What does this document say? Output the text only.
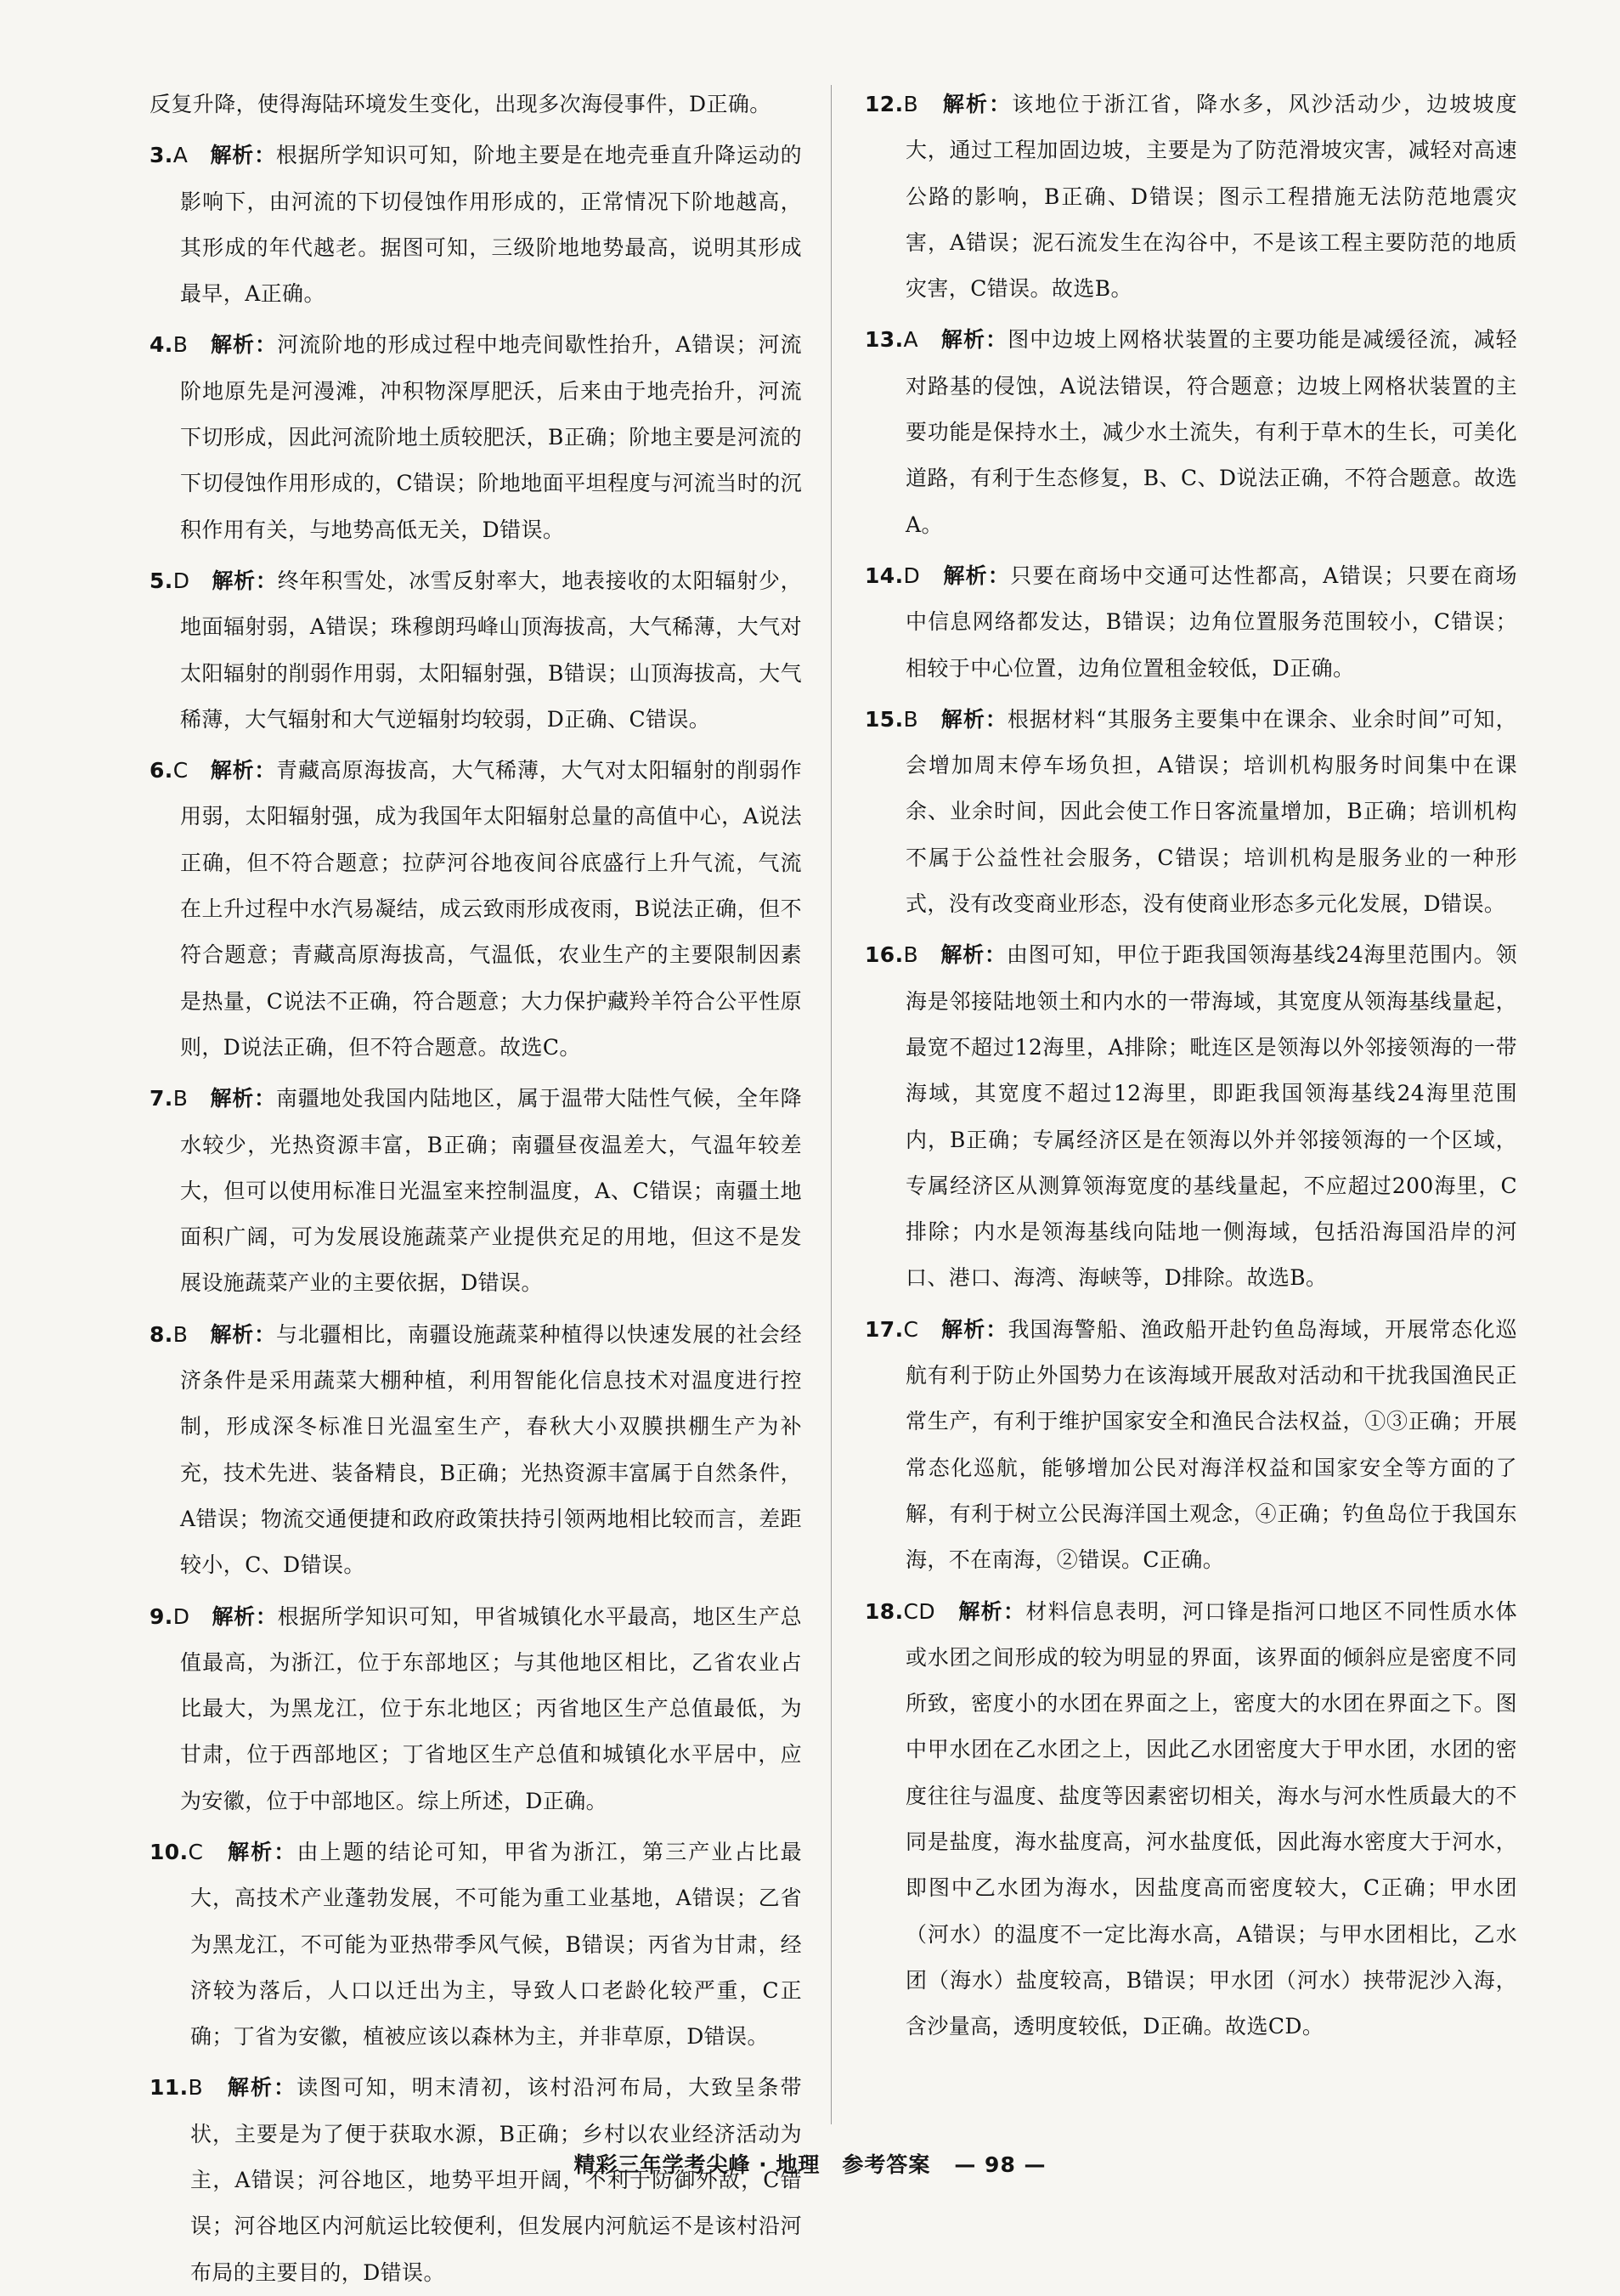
反复升降，使得海陆环境发生变化，出现多次海侵事件，D正确。

3.A　 解析：根据所学知识可知，阶地主要是在地壳垂直升降运动的影响下，由河流的下切侵蚀作用形成的，正常情况下阶地越高，其形成的年代越老。据图可知，三级阶地地势最高，说明其形成最早，A正确。

4.B　 解析：河流阶地的形成过程中地壳间歇性抬升，A错误；河流阶地原先是河漫滩，冲积物深厚肥沃，后来由于地壳抬升，河流下切形成，因此河流阶地土质较肥沃，B正确；阶地主要是河流的下切侵蚀作用形成的，C错误；阶地地面平坦程度与河流当时的沉积作用有关，与地势高低无关，D错误。

5.D　 解析：终年积雪处，冰雪反射率大，地表接收的太阳辐射少，地面辐射弱，A错误；珠穆朗玛峰山顶海拔高，大气稀薄，大气对太阳辐射的削弱作用弱，太阳辐射强，B错误；山顶海拔高，大气稀薄，大气辐射和大气逆辐射均较弱，D正确、C错误。

6.C　 解析：青藏高原海拔高，大气稀薄，大气对太阳辐射的削弱作用弱，太阳辐射强，成为我国年太阳辐射总量的高值中心，A说法正确，但不符合题意；拉萨河谷地夜间谷底盛行上升气流，气流在上升过程中水汽易凝结，成云致雨形成夜雨，B说法正确，但不符合题意；青藏高原海拔高，气温低，农业生产的主要限制因素是热量，C说法不正确，符合题意；大力保护藏羚羊符合公平性原则，D说法正确，但不符合题意。故选C。

7.B　 解析：南疆地处我国内陆地区，属于温带大陆性气候，全年降水较少，光热资源丰富，B正确；南疆昼夜温差大，气温年较差大，但可以使用标准日光温室来控制温度，A、C错误；南疆土地面积广阔，可为发展设施蔬菜产业提供充足的用地，但这不是发展设施蔬菜产业的主要依据，D错误。

8.B　 解析：与北疆相比，南疆设施蔬菜种植得以快速发展的社会经济条件是采用蔬菜大棚种植，利用智能化信息技术对温度进行控制，形成深冬标准日光温室生产，春秋大小双膜拱棚生产为补充，技术先进、装备精良，B正确；光热资源丰富属于自然条件，A错误；物流交通便捷和政府政策扶持引领两地相比较而言，差距较小，C、D错误。

9.D　 解析：根据所学知识可知，甲省城镇化水平最高，地区生产总值最高，为浙江，位于东部地区；与其他地区相比，乙省农业占比最大，为黑龙江，位于东北地区；丙省地区生产总值最低，为甘肃，位于西部地区；丁省地区生产总值和城镇化水平居中，应为安徽，位于中部地区。综上所述，D正确。

10.C　 解析：由上题的结论可知，甲省为浙江，第三产业占比最大，高技术产业蓬勃发展，不可能为重工业基地，A错误；乙省为黑龙江，不可能为亚热带季风气候，B错误；丙省为甘肃，经济较为落后，人口以迁出为主，导致人口老龄化较严重，C正确；丁省为安徽，植被应该以森林为主，并非草原，D错误。

11.B　 解析：读图可知，明末清初，该村沿河布局，大致呈条带状，主要是为了便于获取水源，B正确；乡村以农业经济活动为主，A错误；河谷地区，地势平坦开阔，不利于防御外敌，C错误；河谷地区内河航运比较便利，但发展内河航运不是该村沿河布局的主要目的，D错误。

12.B　 解析：该地位于浙江省，降水多，风沙活动少，边坡坡度大，通过工程加固边坡，主要是为了防范滑坡灾害，减轻对高速公路的影响，B正确、D错误；图示工程措施无法防范地震灾害，A错误；泥石流发生在沟谷中，不是该工程主要防范的地质灾害，C错误。故选B。

13.A　 解析：图中边坡上网格状装置的主要功能是减缓径流，减轻对路基的侵蚀，A说法错误，符合题意；边坡上网格状装置的主要功能是保持水土，减少水土流失，有利于草木的生长，可美化道路，有利于生态修复，B、C、D说法正确，不符合题意。故选A。

14.D　 解析：只要在商场中交通可达性都高，A错误；只要在商场中信息网络都发达，B错误；边角位置服务范围较小，C错误；相较于中心位置，边角位置租金较低，D正确。

15.B　 解析：根据材料“其服务主要集中在课余、业余时间”可知，会增加周末停车场负担，A错误；培训机构服务时间集中在课余、业余时间，因此会使工作日客流量增加，B正确；培训机构不属于公益性社会服务，C错误；培训机构是服务业的一种形式，没有改变商业形态，没有使商业形态多元化发展，D错误。

16.B　 解析：由图可知，甲位于距我国领海基线24海里范围内。领海是邻接陆地领土和内水的一带海域，其宽度从领海基线量起，最宽不超过12海里，A排除；毗连区是领海以外邻接领海的一带海域，其宽度不超过12海里，即距我国领海基线24海里范围内，B正确；专属经济区是在领海以外并邻接领海的一个区域，专属经济区从测算领海宽度的基线量起，不应超过200海里，C排除；内水是领海基线向陆地一侧海域，包括沿海国沿岸的河口、港口、海湾、海峡等，D排除。故选B。

17.C　 解析：我国海警船、渔政船开赴钓鱼岛海域，开展常态化巡航有利于防止外国势力在该海域开展敌对活动和干扰我国渔民正常生产，有利于维护国家安全和渔民合法权益，①③正确；开展常态化巡航，能够增加公民对海洋权益和国家安全等方面的了解，有利于树立公民海洋国土观念，④正确；钓鱼岛位于我国东海，不在南海，②错误。C正确。

18.CD　 解析：材料信息表明，河口锋是指河口地区不同性质水体或水团之间形成的较为明显的界面，该界面的倾斜应是密度不同所致，密度小的水团在界面之上，密度大的水团在界面之下。图中甲水团在乙水团之上，因此乙水团密度大于甲水团，水团的密度往往与温度、盐度等因素密切相关，海水与河水性质最大的不同是盐度，海水盐度高，河水盐度低，因此海水密度大于河水，即图中乙水团为海水，因盐度高而密度较大，C正确；甲水团（河水）的温度不一定比海水高，A错误；与甲水团相比，乙水团（海水）盐度较高，B错误；甲水团（河水）挟带泥沙入海，含沙量高，透明度较低，D正确。故选CD。

精彩三年学考尖峰 · 地理　参考答案 — 98 —
